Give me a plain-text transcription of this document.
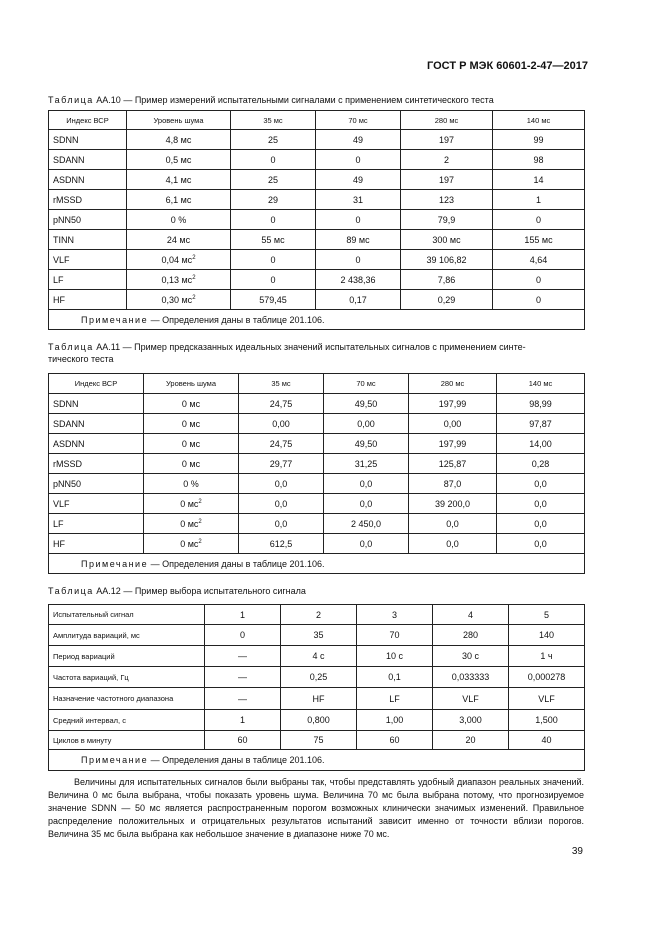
ГОСТ Р МЭК 60601-2-47—2017
Таблица АА.10 — Пример измерений испытательными сигналами с применением синтетического теста
Индекс ВСР	Уровень шума	35 мс	70 мс	280 мс	140 мс
SDNN	4,8 мс	25	49	197	99
SDANN	0,5 мс	0	0	2	98
ASDNN	4,1 мс	25	49	197	14
rMSSD	6,1 мс	29	31	123	1
pNN50	0 %	0	0	79,9	0
TINN	24 мс	55 мс	89 мс	300 мс	155 мс
VLF	0,04 $мс^2$	0	0	39 106,82	4,64
LF	0,13 $мс^2$	0	2 438,36	7,86	0
HF	0,30 $мс^2$	579,45	0,17	0,29	0
Примечание — Определения даны в таблице 201.106.					
Таблица АА.11 — Пример предсказанных идеальных значений испытательных сигналов с применением синте-
тического теста
Индекс ВСР	Уровень шума	35 мс	70 мс	280 мс	140 мс
SDNN	0 мс	24,75	49,50	197,99	98,99
SDANN	0 мс	0,00	0,00	0,00	97,87
ASDNN	0 мс	24,75	49,50	197,99	14,00
rMSSD	0 мс	29,77	31,25	125,87	0,28
pNN50	0 %	0,0	0,0	87,0	0,0
VLF	0 $мс^2$	0,0	0,0	39 200,0	0,0
LF	0 $мс^2$	0,0	2 450,0	0,0	0,0
HF	0 $мс^2$	612,5	0,0	0,0	0,0
Примечание — Определения даны в таблице 201.106.					
Таблица АА.12 — Пример выбора испытательного сигнала
Испытательный сигнал	1	2	3	4	5
Амплитуда вариаций, мс	0	35	70	280	140
Период вариаций	—	4 с	10 с	30 с	1 ч
Частота вариаций, Гц	—	0,25	0,1	0,033333	0,000278
Назначение частотного диапазона	—	HF	LF	VLF	VLF
Средний интервал, с	1	0,800	1,00	3,000	1,500
Циклов в минуту	60	75	60	20	40
Примечание — Определения даны в таблице 201.106.					

Величины для испытательных сигналов были выбраны так, чтобы представлять удобный диапазон реальных значений. Величина 0 мс была выбрана, чтобы показать уровень шума. Величина 70 мс была выбрана потому, что прогнозируемое значение SDNN — 50 мс является распространенным порогом возможных клинически значимых изменений. Правильное распределение положительных и отрицательных результатов испытаний зависит именно от точности вблизи порогов. Величина 35 мс была выбрана как небольшое значение в диапазоне ниже 70 мс.

39
